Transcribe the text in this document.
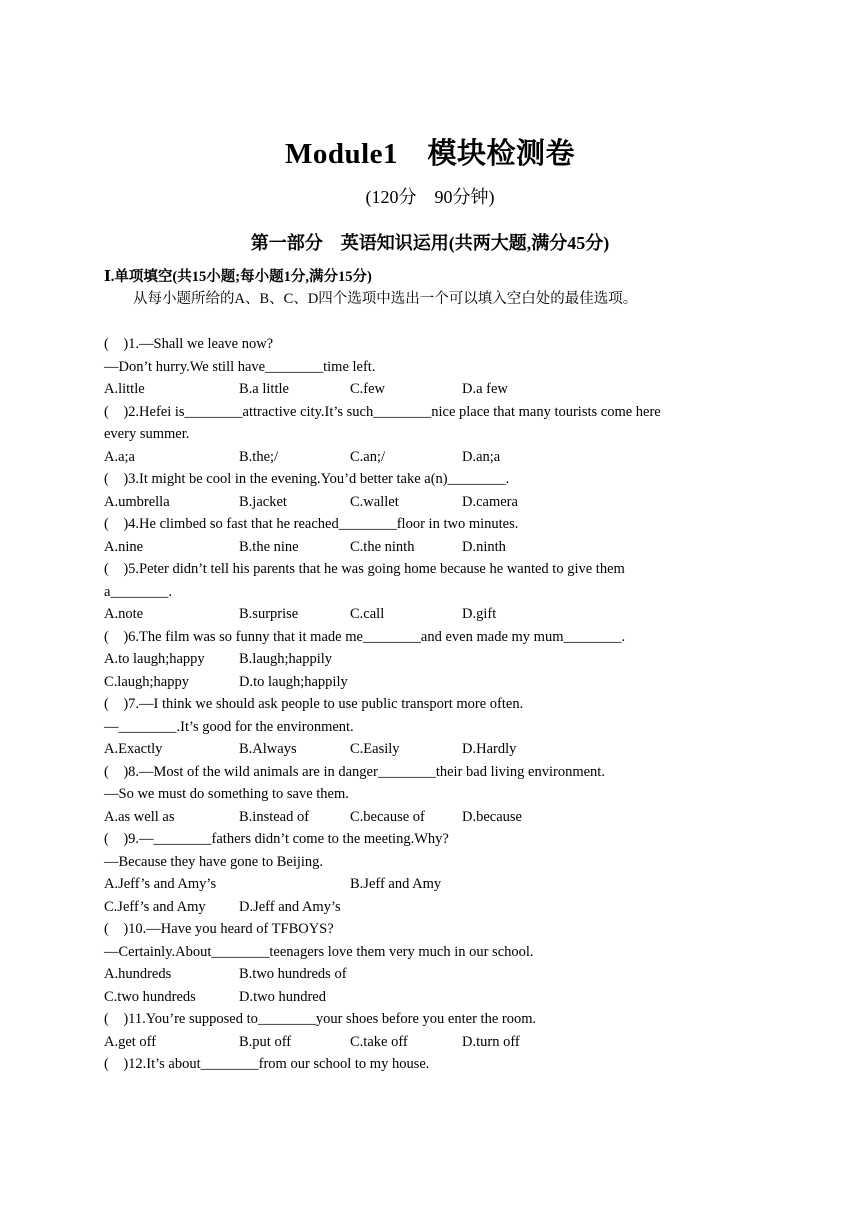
Module1　模块检测卷
(120分　90分钟)
第一部分　英语知识运用(共两大题,满分45分)
Ⅰ.单项填空(共15小题;每小题1分,满分15分)
从每小题所给的A、B、C、D四个选项中选出一个可以填入空白处的最佳选项。
(　)1.—Shall we leave now?
—Don’t hurry.We still have________time left.
A.little	B.a little	C.few	D.a few
(　)2.Hefei is________attractive city.It’s such________nice place that many tourists come here
every summer.
A.a;a	B.the;/	C.an;/	D.an;a
(　)3.It might be cool in the evening.You’d better take a(n)________.
A.umbrella	B.jacket	C.wallet	D.camera
(　)4.He climbed so fast that he reached________floor in two minutes.
A.nine	B.the nine	C.the ninth	D.ninth
(　)5.Peter didn’t tell his parents that he was going home because he wanted to give them
a________.
A.note	B.surprise	C.call	D.gift
(　)6.The film was so funny that it made me________and even made my mum________.
A.to laugh;happy B.laugh;happily
C.laugh;happy	D.to laugh;happily
(　)7.—I think we should ask people to use public transport more often.
—________.It’s good for the environment.
A.Exactly	B.Always	C.Easily	D.Hardly
(　)8.—Most of the wild animals are in danger________their bad living environment.
—So we must do something to save them.
A.as well as	B.instead of	C.because of	D.because
(　)9.—________fathers didn’t come to the meeting.Why?
—Because they have gone to Beijing.
A.Jeff’s and Amy’s	B.Jeff and Amy
C.Jeff’s and Amy D.Jeff and Amy’s
(　)10.—Have you heard of TFBOYS?
—Certainly.About________teenagers love them very much in our school.
A.hundreds	B.two hundreds of
C.two hundreds	D.two hundred
(　)11.You’re supposed to________your shoes before you enter the room.
A.get off	B.put off	C.take off	D.turn off
(　)12.It’s about________from our school to my house.
